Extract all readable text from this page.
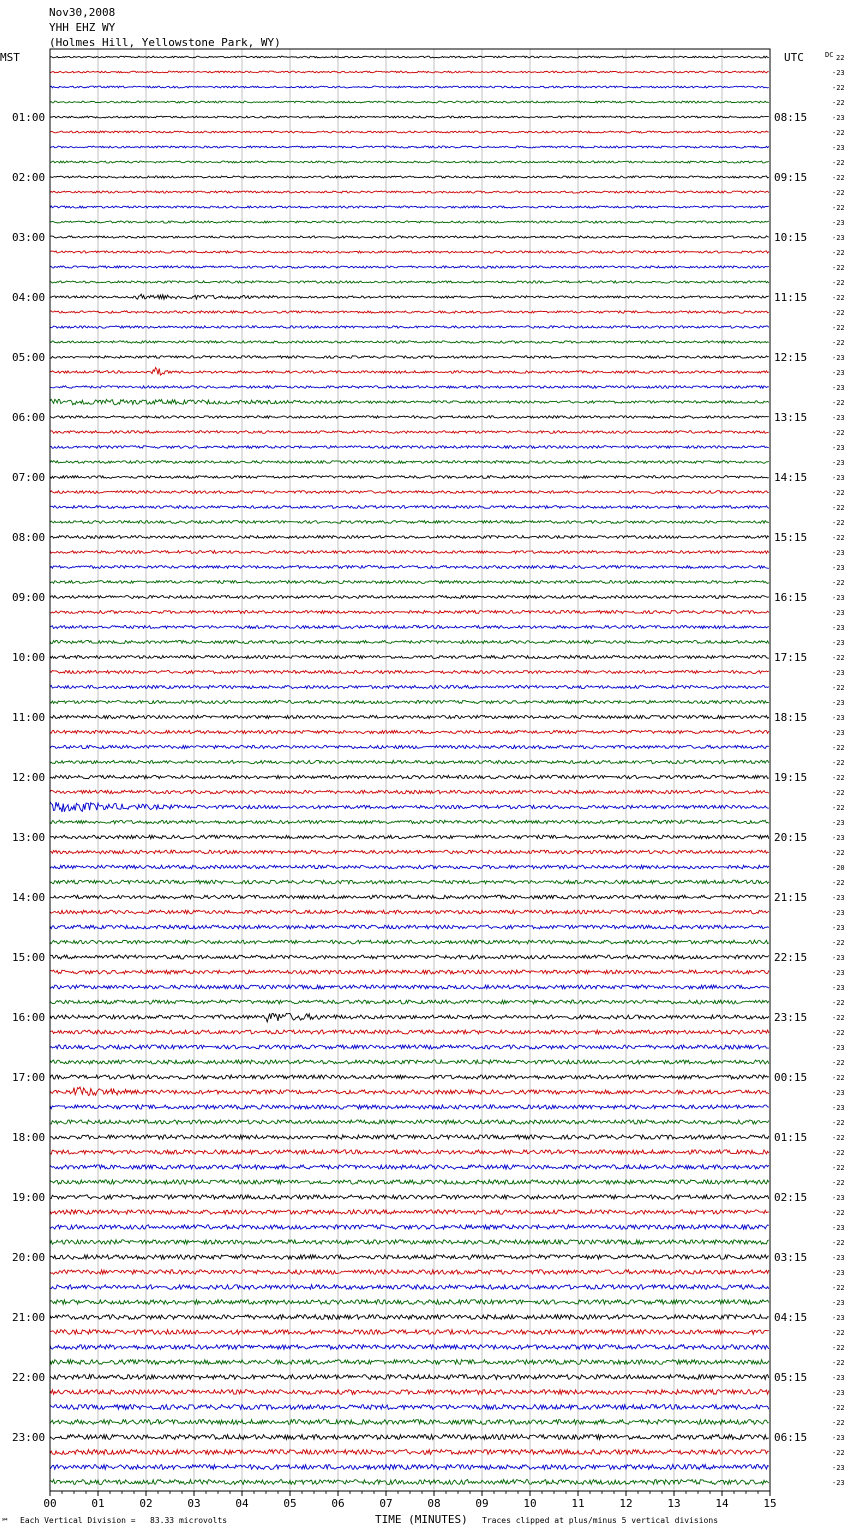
Nov30,2008
YHH EHZ WY
(Holmes Hill, Yellowstone Park, WY)
MST	UTC	DC
01:00
02:00
03:00
04:00
05:00
06:00
07:00
08:00
09:00
10:00
11:00
12:00
13:00
14:00
15:00
16:00
17:00
18:00
19:00
20:00
21:00
22:00
23:00
08:15
09:15
10:15
11:15
12:15
13:15
14:15
15:15
16:15
17:15
18:15
19:15
20:15
21:15
22:15
23:15
00:15
01:15
02:15
03:15
04:15
05:15
06:15
22
-23
-22
-22
-23
-22
-23
-22
-22
-22
-22
-23
-23
-22
-22
-22
-22
-22
-22
-22
-23
-23
-23
-22
-23
-22
-23
-23
-23
-22
-22
-22
-22
-23
-23
-22
-23
-23
-23
-23
-22
-23
-22
-23
-23
-23
-22
-22
-22
-22
-22
-23
-23
-22
-20
-22
-23
-23
-23
-22
-23
-23
-23
-22
-22
-22
-23
-22
-22
-23
-23
-22
-22
-22
-22
-22
-23
-22
-23
-22
-23
-23
-22
-23
-23
-22
-22
-22
-23
-23
-22
-22
-23
-22
-23
-23
00	01	02	03	04	05	06	07	08	09	10	11	12	13	14	15
TIME (MINUTES)
℠ Each Vertical Division =   83.33 microvolts	Traces clipped at plus/minus 5 vertical divisions
